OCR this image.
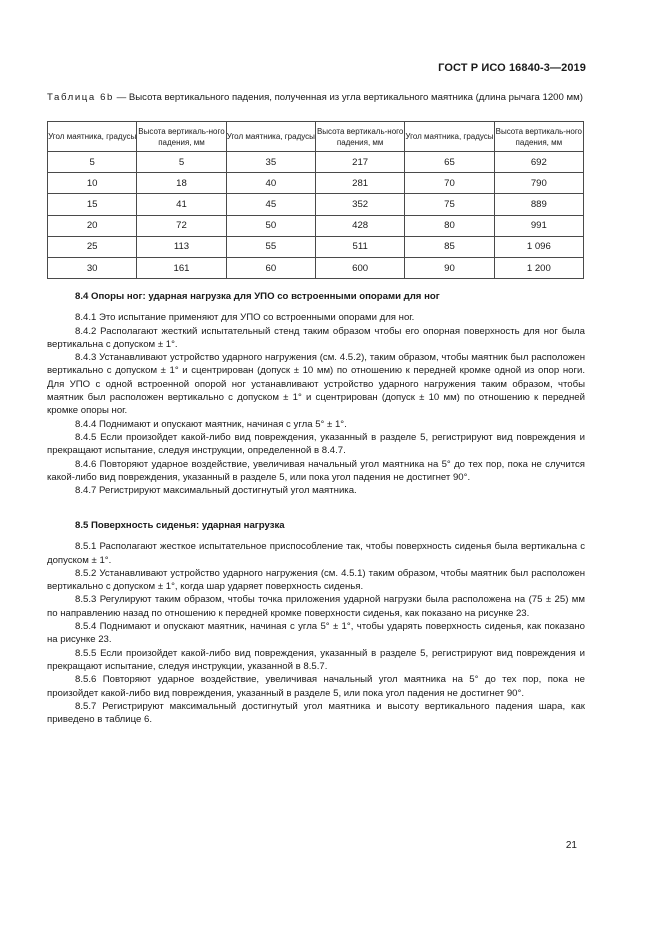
ГОСТ Р ИСО 16840-3—2019
Таблица 6b — Высота вертикального падения, полученная из угла вертикального маятника (длина рычага 1200 мм)
Угол маятника, градусы	Высота вертикаль-ного падения, мм	Угол маятника, градусы	Высота вертикаль-ного падения, мм	Угол маятника, градусы	Высота вертикаль-ного падения, мм
5	5	35	217	65	692
10	18	40	281	70	790
15	41	45	352	75	889
20	72	50	428	80	991
25	113	55	511	85	1 096
30	161	60	600	90	1 200
8.4 Опоры ног: ударная нагрузка для УПО со встроенными опорами для ног

8.4.1 Это испытание применяют для УПО со встроенными опорами для ног.

8.4.2 Располагают жесткий испытательный стенд таким образом чтобы его опорная поверхность для ног была вертикальна с допуском ± 1°.

8.4.3 Устанавливают устройство ударного нагружения (см. 4.5.2), таким образом, чтобы маятник был расположен вертикально с допуском ± 1° и сцентрирован (допуск ± 10 мм) по отношению к передней кромке одной из опор ноги. Для УПО с одной встроенной опорой ног устанавливают устройство ударного нагружения таким образом, чтобы маятник был расположен вертикально с допуском ± 1° и сцентрирован (допуск ± 10 мм) по отношению к передней кромке опоры ног.

8.4.4 Поднимают и опускают маятник, начиная с угла 5° ± 1°.

8.4.5 Если произойдет какой-либо вид повреждения, указанный в разделе 5, регистрируют вид повреждения и прекращают испытание, следуя инструкции, определенной в 8.4.7.

8.4.6 Повторяют ударное воздействие, увеличивая начальный угол маятника на 5° до тех пор, пока не случится какой-либо вид повреждения, указанный в разделе 5, или пока угол падения не достигнет 90°.

8.4.7 Регистрируют максимальный достигнутый угол маятника.

8.5 Поверхность сиденья: ударная нагрузка

8.5.1 Располагают жесткое испытательное приспособление так, чтобы поверхность сиденья была вертикальна с допуском ± 1°.

8.5.2 Устанавливают устройство ударного нагружения (см. 4.5.1) таким образом, чтобы маятник был расположен вертикально с допуском ± 1°, когда шар ударяет поверхность сиденья.

8.5.3 Регулируют таким образом, чтобы точка приложения ударной нагрузки была расположена на (75 ± 25) мм по направлению назад по отношению к передней кромке поверхности сиденья, как показано на рисунке 23.

8.5.4 Поднимают и опускают маятник, начиная с угла 5° ± 1°, чтобы ударять поверхность сиденья, как показано на рисунке 23.

8.5.5 Если произойдет какой-либо вид повреждения, указанный в разделе 5, регистрируют вид повреждения и прекращают испытание, следуя инструкции, указанной в 8.5.7.

8.5.6 Повторяют ударное воздействие, увеличивая начальный угол маятника на 5° до тех пор, пока не произойдет какой-либо вид повреждения, указанный в разделе 5, или пока угол падения не достигнет 90°.

8.5.7 Регистрируют максимальный достигнутый угол маятника и высоту вертикального падения шара, как приведено в таблице 6.

21
